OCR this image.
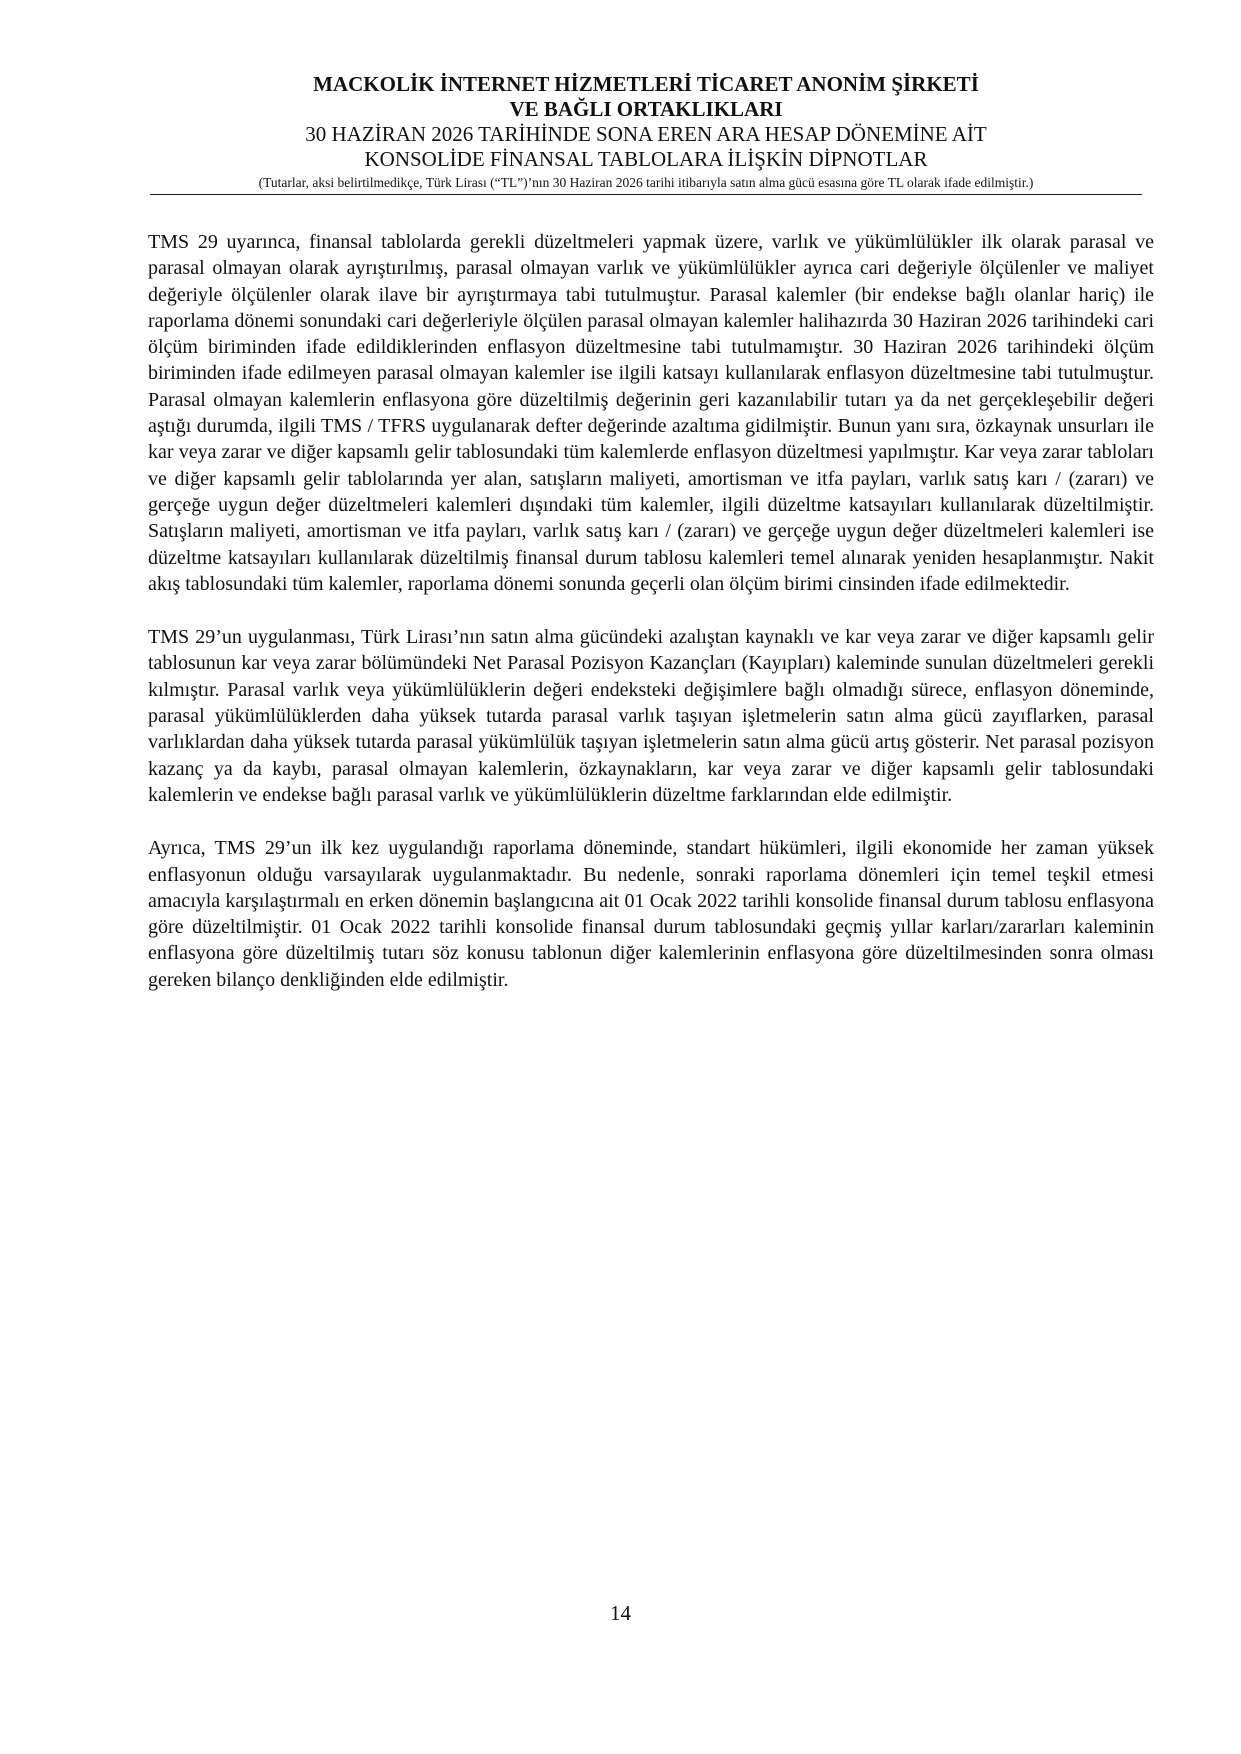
MACKOLİK İNTERNET HİZMETLERİ TİCARET ANONİM ŞİRKETİ
VE BAĞLI ORTAKLIKLARI
30 HAZİRAN 2026 TARİHİNDE SONA EREN ARA HESAP DÖNEMİNE AİT
KONSOLİDE FİNANSAL TABLOLARA İLİŞKİN DİPNOTLAR
(Tutarlar, aksi belirtilmedikçe, Türk Lirası (“TL”)’nın 30 Haziran 2026 tarihi itibarıyla satın alma gücü esasına göre TL olarak ifade edilmiştir.)

TMS 29 uyarınca, finansal tablolarda gerekli düzeltmeleri yapmak üzere, varlık ve yükümlülükler ilk olarak parasal ve parasal olmayan olarak ayrıştırılmış, parasal olmayan varlık ve yükümlülükler ayrıca cari değeriyle ölçülenler ve maliyet değeriyle ölçülenler olarak ilave bir ayrıştırmaya tabi tutulmuştur. Parasal kalemler (bir endekse bağlı olanlar hariç) ile raporlama dönemi sonundaki cari değerleriyle ölçülen parasal olmayan kalemler halihazırda 30 Haziran 2026 tarihindeki cari ölçüm biriminden ifade edildiklerinden enflasyon düzeltmesine tabi tutulmamıştır. 30 Haziran 2026 tarihindeki ölçüm biriminden ifade edilmeyen parasal olmayan kalemler ise ilgili katsayı kullanılarak enflasyon düzeltmesine tabi tutulmuştur. Parasal olmayan kalemlerin enflasyona göre düzeltilmiş değerinin geri kazanılabilir tutarı ya da net gerçekleşebilir değeri aştığı durumda, ilgili TMS / TFRS uygulanarak defter değerinde azaltıma gidilmiştir. Bunun yanı sıra, özkaynak unsurları ile kar veya zarar ve diğer kapsamlı gelir tablosundaki tüm kalemlerde enflasyon düzeltmesi yapılmıştır. Kar veya zarar tabloları ve diğer kapsamlı gelir tablolarında yer alan, satışların maliyeti, amortisman ve itfa payları, varlık satış karı / (zararı) ve gerçeğe uygun değer düzeltmeleri kalemleri dışındaki tüm kalemler, ilgili düzeltme katsayıları kullanılarak düzeltilmiştir. Satışların maliyeti, amortisman ve itfa payları, varlık satış karı / (zararı) ve gerçeğe uygun değer düzeltmeleri kalemleri ise düzeltme katsayıları kullanılarak düzeltilmiş finansal durum tablosu kalemleri temel alınarak yeniden hesaplanmıştır. Nakit akış tablosundaki tüm kalemler, raporlama dönemi sonunda geçerli olan ölçüm birimi cinsinden ifade edilmektedir.

TMS 29’un uygulanması, Türk Lirası’nın satın alma gücündeki azalıştan kaynaklı ve kar veya zarar ve diğer kapsamlı gelir tablosunun kar veya zarar bölümündeki Net Parasal Pozisyon Kazançları (Kayıpları) kaleminde sunulan düzeltmeleri gerekli kılmıştır. Parasal varlık veya yükümlülüklerin değeri endeksteki değişimlere bağlı olmadığı sürece, enflasyon döneminde, parasal yükümlülüklerden daha yüksek tutarda parasal varlık taşıyan işletmelerin satın alma gücü zayıflarken, parasal varlıklardan daha yüksek tutarda parasal yükümlülük taşıyan işletmelerin satın alma gücü artış gösterir. Net parasal pozisyon kazanç ya da kaybı, parasal olmayan kalemlerin, özkaynakların, kar veya zarar ve diğer kapsamlı gelir tablosundaki kalemlerin ve endekse bağlı parasal varlık ve yükümlülüklerin düzeltme farklarından elde edilmiştir.

Ayrıca, TMS 29’un ilk kez uygulandığı raporlama döneminde, standart hükümleri, ilgili ekonomide her zaman yüksek enflasyonun olduğu varsayılarak uygulanmaktadır. Bu nedenle, sonraki raporlama dönemleri için temel teşkil etmesi amacıyla karşılaştırmalı en erken dönemin başlangıcına ait 01 Ocak 2022 tarihli konsolide finansal durum tablosu enflasyona göre düzeltilmiştir. 01 Ocak 2022 tarihli konsolide finansal durum tablosundaki geçmiş yıllar karları/zararları kaleminin enflasyona göre düzeltilmiş tutarı söz konusu tablonun diğer kalemlerinin enflasyona göre düzeltilmesinden sonra olması gereken bilanço denkliğinden elde edilmiştir.

14
